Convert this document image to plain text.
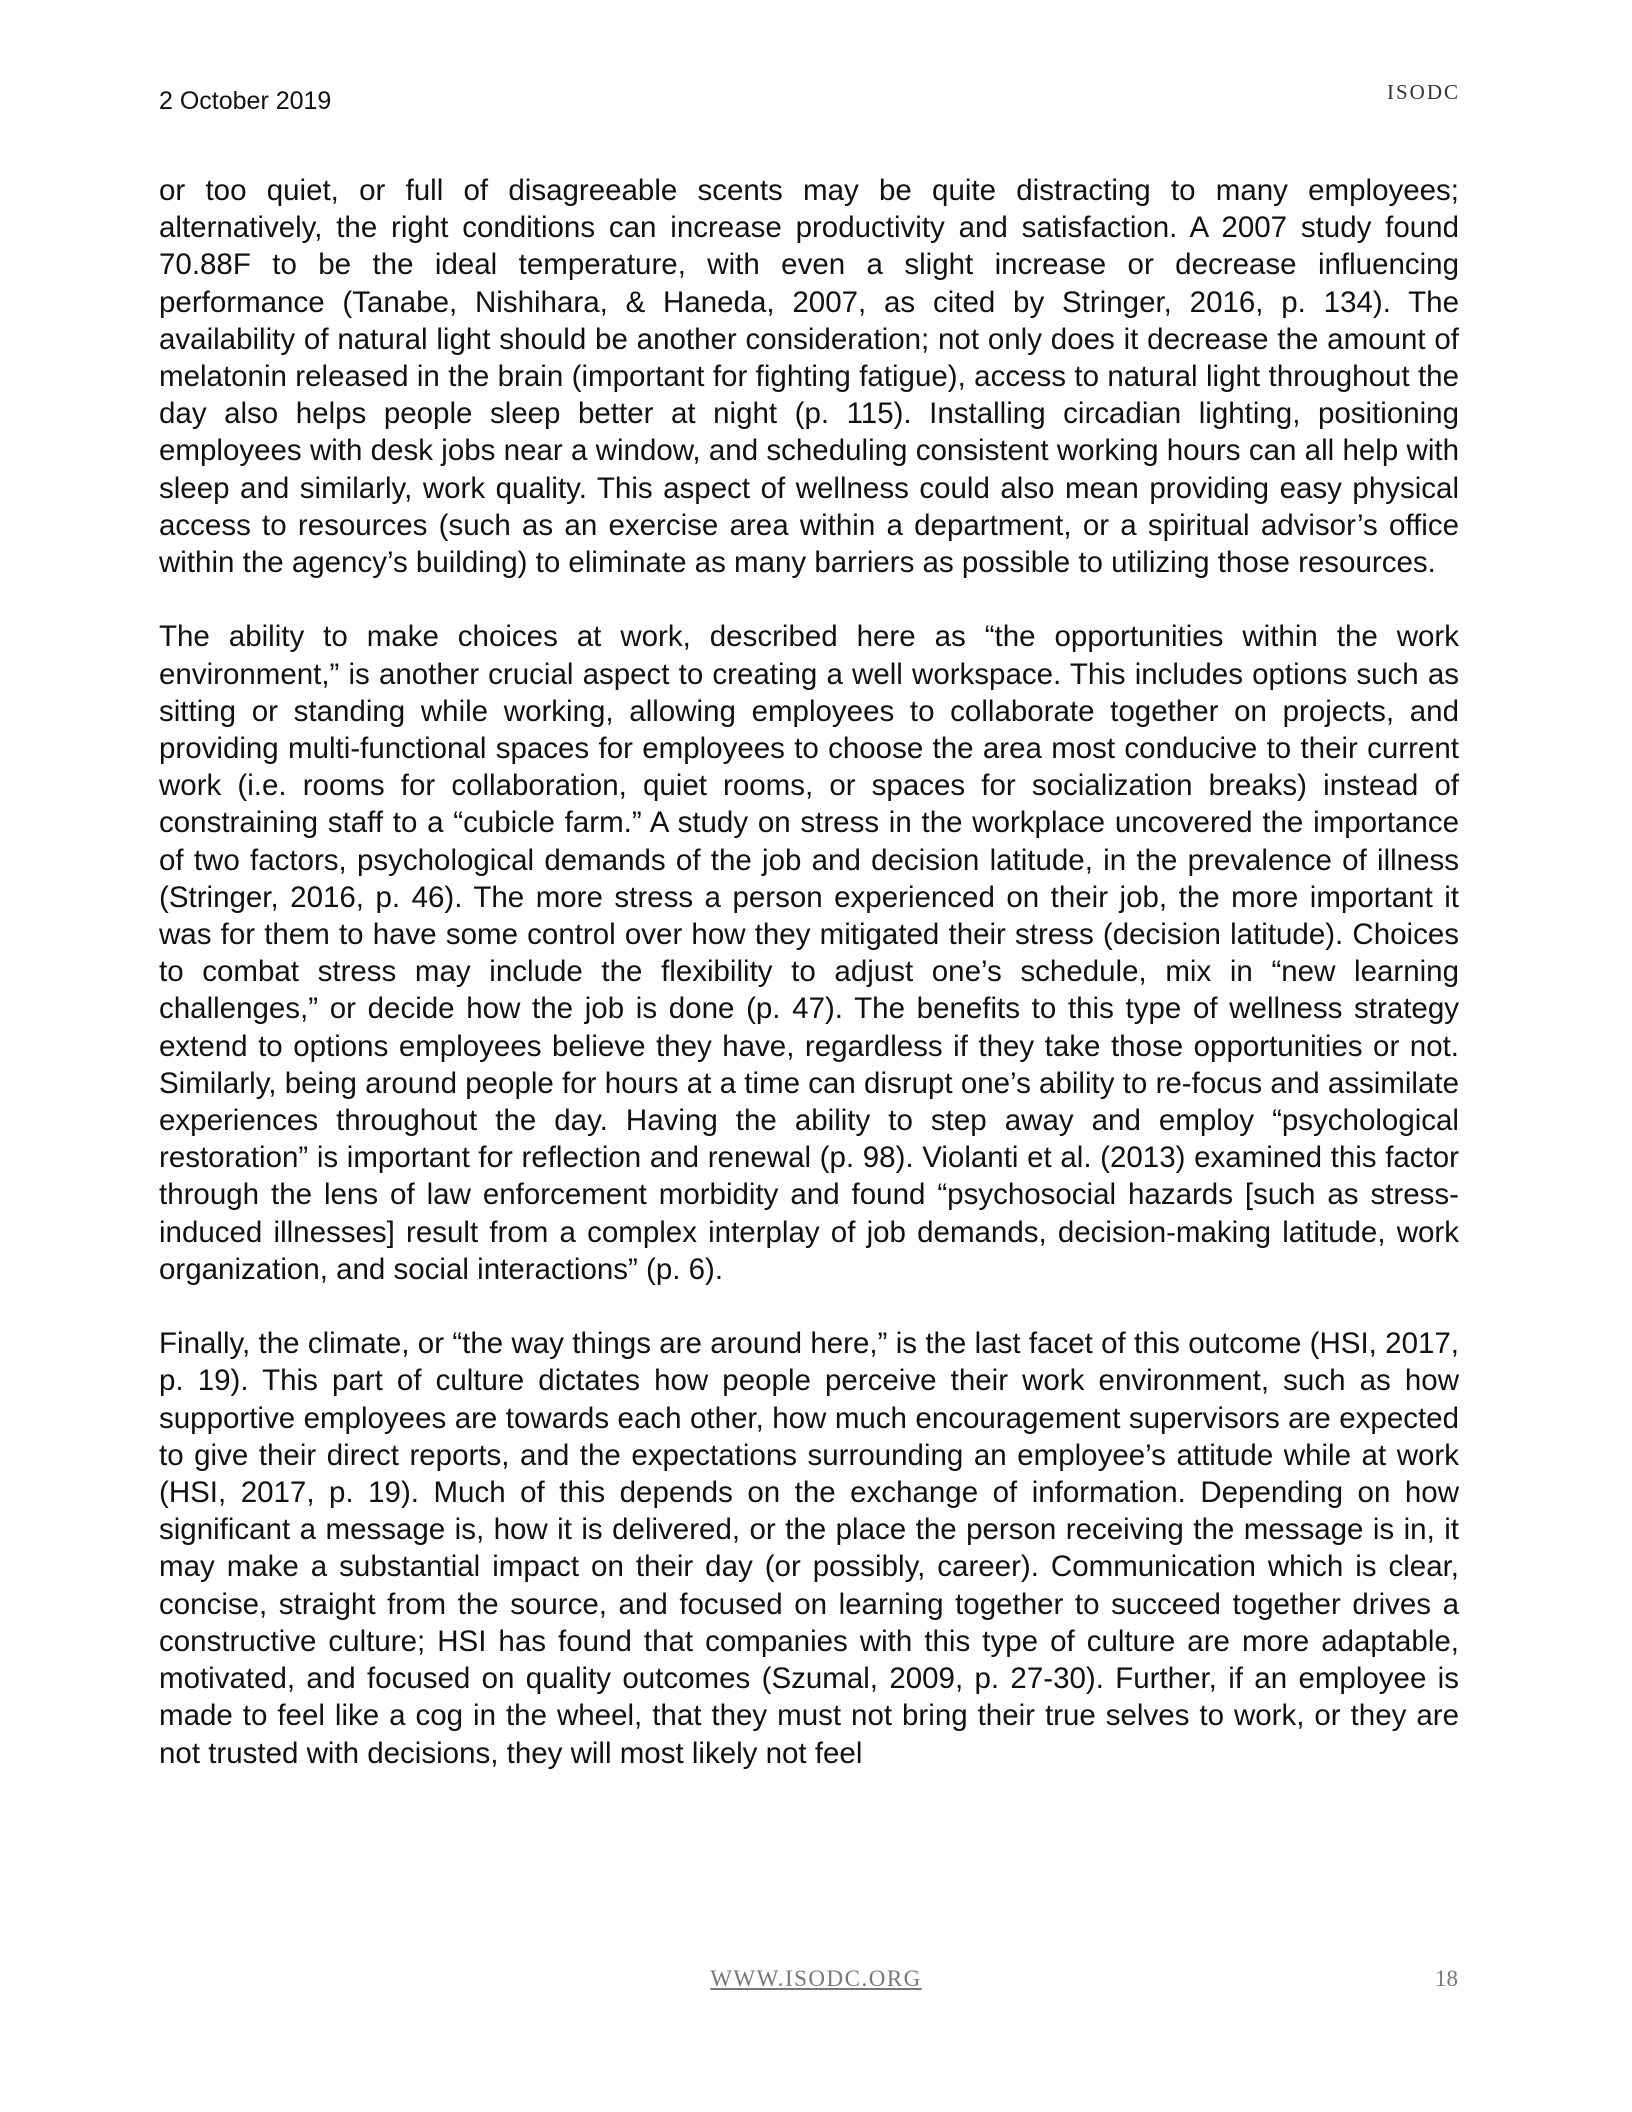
2 October 2019	ISODC

or too quiet, or full of disagreeable scents may be quite distracting to many employees; alternatively, the right conditions can increase productivity and satisfaction. A 2007 study found 70.88F to be the ideal temperature, with even a slight increase or decrease influencing performance (Tanabe, Nishihara, & Haneda, 2007, as cited by Stringer, 2016, p. 134). The availability of natural light should be another consideration; not only does it decrease the amount of melatonin released in the brain (important for fighting fatigue), access to natural light throughout the day also helps people sleep better at night (p. 115). Installing circadian lighting, positioning employees with desk jobs near a window, and scheduling consistent working hours can all help with sleep and similarly, work quality. This aspect of wellness could also mean providing easy physical access to resources (such as an exercise area within a department, or a spiritual advisor’s office within the agency’s building) to eliminate as many barriers as possible to utilizing those resources.

The ability to make choices at work, described here as “the opportunities within the work environment,” is another crucial aspect to creating a well workspace. This includes options such as sitting or standing while working, allowing employees to collaborate together on projects, and providing multi-functional spaces for employees to choose the area most conducive to their current work (i.e. rooms for collaboration, quiet rooms, or spaces for socialization breaks) instead of constraining staff to a “cubicle farm.” A study on stress in the workplace uncovered the importance of two factors, psychological demands of the job and decision latitude, in the prevalence of illness (Stringer, 2016, p. 46). The more stress a person experienced on their job, the more important it was for them to have some control over how they mitigated their stress (decision latitude). Choices to combat stress may include the flexibility to adjust one’s schedule, mix in “new learning challenges,” or decide how the job is done (p. 47). The benefits to this type of wellness strategy extend to options employees believe they have, regardless if they take those opportunities or not. Similarly, being around people for hours at a time can disrupt one’s ability to re-focus and assimilate experiences throughout the day. Having the ability to step away and employ “psychological restoration” is important for reflection and renewal (p. 98). Violanti et al. (2013) examined this factor through the lens of law enforcement morbidity and found “psychosocial hazards [such as stress-induced illnesses] result from a complex interplay of job demands, decision-making latitude, work organization, and social interactions” (p. 6).

Finally, the climate, or “the way things are around here,” is the last facet of this outcome (HSI, 2017, p. 19). This part of culture dictates how people perceive their work environment, such as how supportive employees are towards each other, how much encouragement supervisors are expected to give their direct reports, and the expectations surrounding an employee’s attitude while at work (HSI, 2017, p. 19). Much of this depends on the exchange of information. Depending on how significant a message is, how it is delivered, or the place the person receiving the message is in, it may make a substantial impact on their day (or possibly, career). Communication which is clear, concise, straight from the source, and focused on learning together to succeed together drives a constructive culture; HSI has found that companies with this type of culture are more adaptable, motivated, and focused on quality outcomes (Szumal, 2009, p. 27-30). Further, if an employee is made to feel like a cog in the wheel, that they must not bring their true selves to work, or they are not trusted with decisions, they will most likely not feel

WWW.ISODC.ORG	18
